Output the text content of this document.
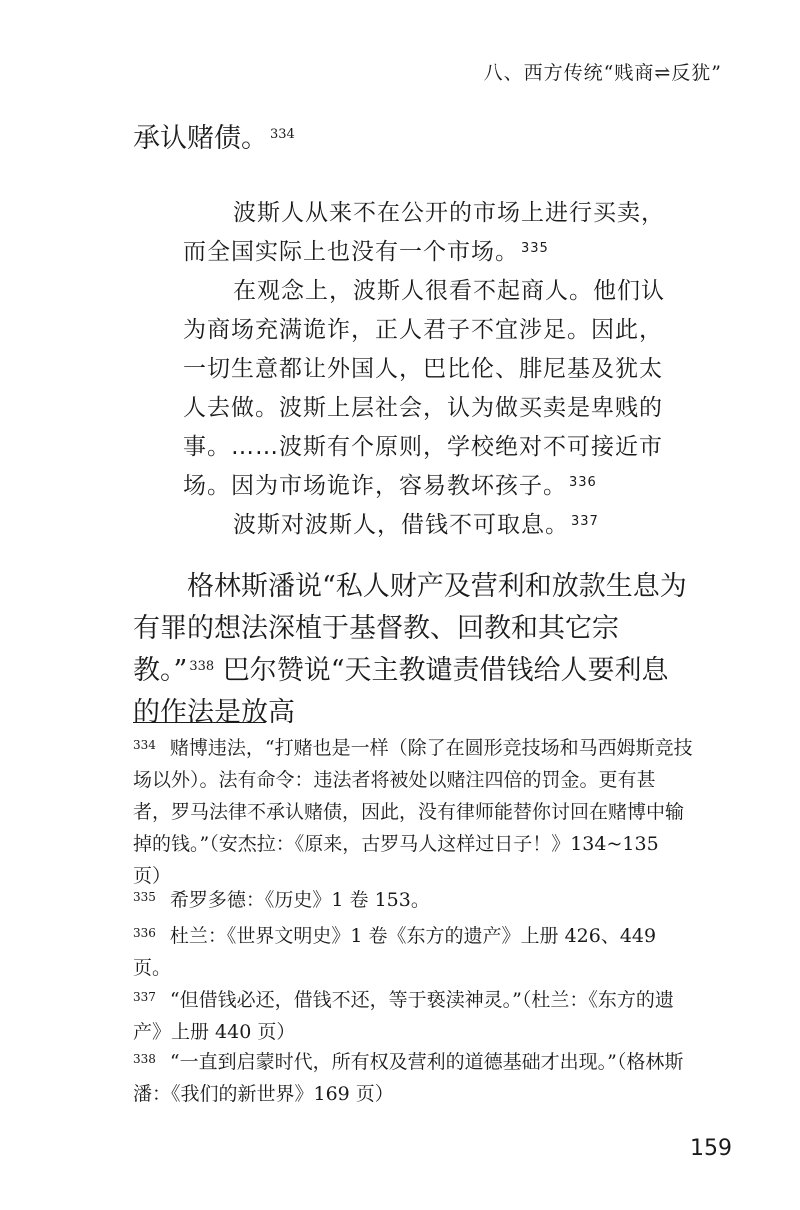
八、西方传统“贱商⇌反犹”

承认赌债。 $^{334}$

波斯人从来不在公开的市场上进行买卖，而全国实际上也没有一个市场。 $^{335}$

在观念上，波斯人很看不起商人。他们认为商场充满诡诈，正人君子不宜涉足。因此，一切生意都让外国人，巴比伦、腓尼基及犹太人去做。波斯上层社会，认为做买卖是卑贱的事。……波斯有个原则，学校绝对不可接近市场。因为市场诡诈，容易教坏孩子。 $^{336}$

波斯对波斯人，借钱不可取息。 $^{337}$

格林斯潘说“私人财产及营利和放款生息为有罪的想法深植于基督教、回教和其它宗教。” $^{338}$ 巴尔赞说“天主教谴责借钱给人要利息的作法是放高

$^{334}$ 赌博违法，“打赌也是一样（除了在圆形竞技场和马西姆斯竞技场以外）。法有命令：违法者将被处以赌注四倍的罚金。更有甚者，罗马法律不承认赌债，因此，没有律师能替你讨回在赌博中输掉的钱。”（安杰拉：《原来，古罗马人这样过日子！》134~135 页）
$^{335}$ 希罗多德：《历史》1 卷 153。
$^{336}$ 杜兰：《世界文明史》1 卷《东方的遗产》上册 426、449 页。
$^{337}$ “但借钱必还，借钱不还，等于亵渎神灵。”（杜兰：《东方的遗产》上册 440 页）
$^{338}$ “一直到启蒙时代，所有权及营利的道德基础才出现。”（格林斯潘：《我们的新世界》169 页）
159
